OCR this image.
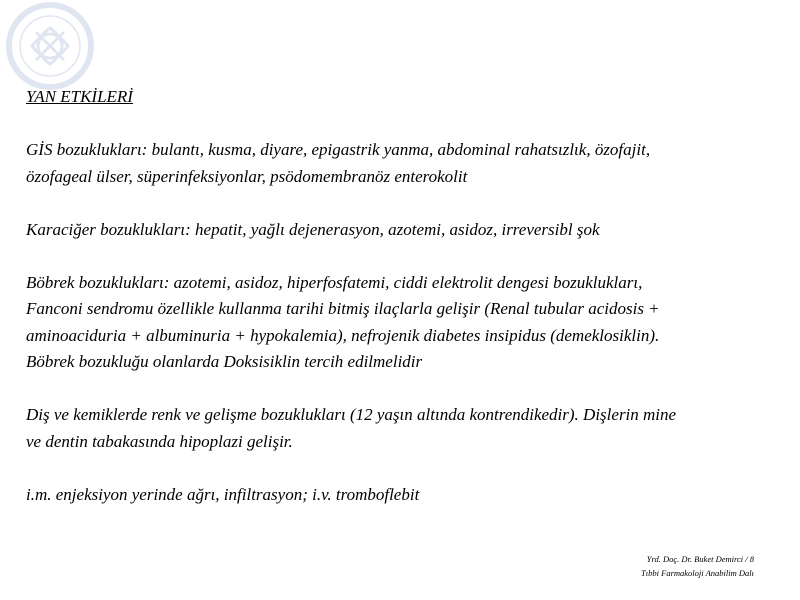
YAN ETKİLERİ
GİS bozukluklarɩ: bulantɩ, kusma, diyare, epigastrik yanma, abdominal rahatsɩzlɩk, özofajit,
özofageal ülser, süperinfeksiyonlar, psödomembranöz enterokolit
Karaciğer bozukluklarɩ: hepatit, yağlɩ dejenerasyon, azotemi, asidoz, irreversibl şok
Böbrek bozukluklarɩ: azotemi, asidoz, hiperfosfatemi, ciddi elektrolit dengesi bozukluklarɩ,
Fanconi sendromu özellikle kullanma tarihi bitmiş ilaçlarla gelişir (Renal tubular acidosis +
aminoaciduria + albuminuria + hypokalemia), nefrojenik diabetes insipidus (demeklosiklin).
Böbrek bozukluğu olanlarda Doksisiklin tercih edilmelidir
Diş ve kemiklerde renk ve gelişme bozukluklarɩ (12 yaşɩn altɩnda kontrendikedir). Dişlerin mine
ve dentin tabakasɩnda hipoplazi gelişir.
i.m. enjeksiyon yerinde ağrɩ, infiltrasyon; i.v. tromboflebit
Yrd. Doç. Dr. Buket Demirci / 8
Tɩbbi Farmakoloji Anabilim Dalɩ
